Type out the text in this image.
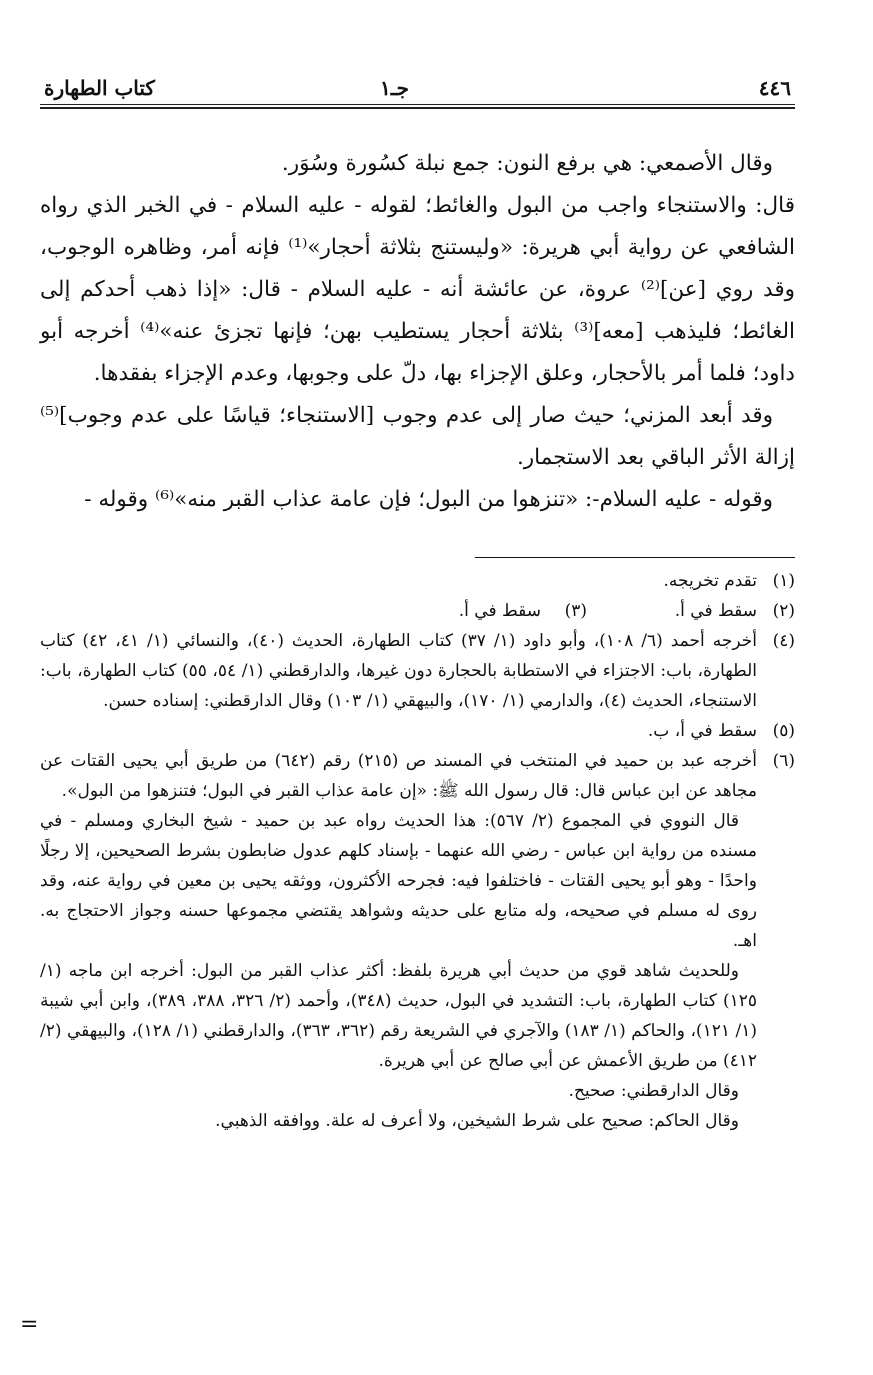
٤٤٦
جـ١
كتاب الطهارة

وقال الأصمعي: هي برفع النون: جمع نبلة كسُورة وسُوَر.

قال: والاستنجاء واجب من البول والغائط؛ لقوله - عليه السلام - في الخبر الذي رواه الشافعي عن رواية أبي هريرة: «وليستنج بثلاثة أحجار»⁽¹⁾ فإنه أمر، وظاهره الوجوب، وقد روي [عن]⁽²⁾ عروة، عن عائشة أنه - عليه السلام - قال: «إذا ذهب أحدكم إلى الغائط؛ فليذهب [معه]⁽³⁾ بثلاثة أحجار يستطيب بهن؛ فإنها تجزئ عنه»⁽⁴⁾ أخرجه أبو داود؛ فلما أمر بالأحجار، وعلق الإجزاء بها، دلّ على وجوبها، وعدم الإجزاء بفقدها.

وقد أبعد المزني؛ حيث صار إلى عدم وجوب [الاستنجاء؛ قياسًا على عدم وجوب]⁽⁵⁾ إزالة الأثر الباقي بعد الاستجمار.

وقوله - عليه السلام-: «تنزهوا من البول؛ فإن عامة عذاب القبر منه»⁽⁶⁾ وقوله -

(١)
تقدم تخريجه.
(٢)
سقط في أ.
(٣)
سقط في أ.
(٤)
أخرجه أحمد (٦/ ١٠٨)، وأبو داود (١/ ٣٧) كتاب الطهارة، الحديث (٤٠)، والنسائي (١/ ٤١، ٤٢) كتاب الطهارة، باب: الاجتزاء في الاستطابة بالحجارة دون غيرها، والدارقطني (١/ ٥٤، ٥٥) كتاب الطهارة، باب: الاستنجاء، الحديث (٤)، والدارمي (١/ ١٧٠)، والبيهقي (١/ ١٠٣) وقال الدارقطني: إسناده حسن.
(٥)
سقط في أ، ب.
(٦)
أخرجه عبد بن حميد في المنتخب في المسند ص (٢١٥) رقم (٦٤٢) من طريق أبي يحيى القتات عن مجاهد عن ابن عباس قال: قال رسول الله ﷺ: «إن عامة عذاب القبر في البول؛ فتنزهوا من البول».
قال النووي في المجموع (٢/ ٥٦٧): هذا الحديث رواه عبد بن حميد - شيخ البخاري ومسلم - في مسنده من رواية ابن عباس - رضي الله عنهما - بإسناد كلهم عدول ضابطون بشرط الصحيحين، إلا رجلًا واحدًا - وهو أبو يحيى القتات - فاختلفوا فيه: فجرحه الأكثرون، ووثقه يحيى بن معين في رواية عنه، وقد روى له مسلم في صحيحه، وله متابع على حديثه وشواهد يقتضي مجموعها حسنه وجواز الاحتجاج به. اهـ.
وللحديث شاهد قوي من حديث أبي هريرة بلفظ: أكثر عذاب القبر من البول: أخرجه ابن ماجه (١/ ١٢٥) كتاب الطهارة، باب: التشديد في البول، حديث (٣٤٨)، وأحمد (٢/ ٣٢٦، ٣٨٨، ٣٨٩)، وابن أبي شيبة (١/ ١٢١)، والحاكم (١/ ١٨٣) والآجري في الشريعة رقم (٣٦٢، ٣٦٣)، والدارقطني (١/ ١٢٨)، والبيهقي (٢/ ٤١٢) من طريق الأعمش عن أبي صالح عن أبي هريرة.
وقال الدارقطني: صحيح.
وقال الحاكم: صحيح على شرط الشيخين، ولا أعرف له علة. ووافقه الذهبي.
=
